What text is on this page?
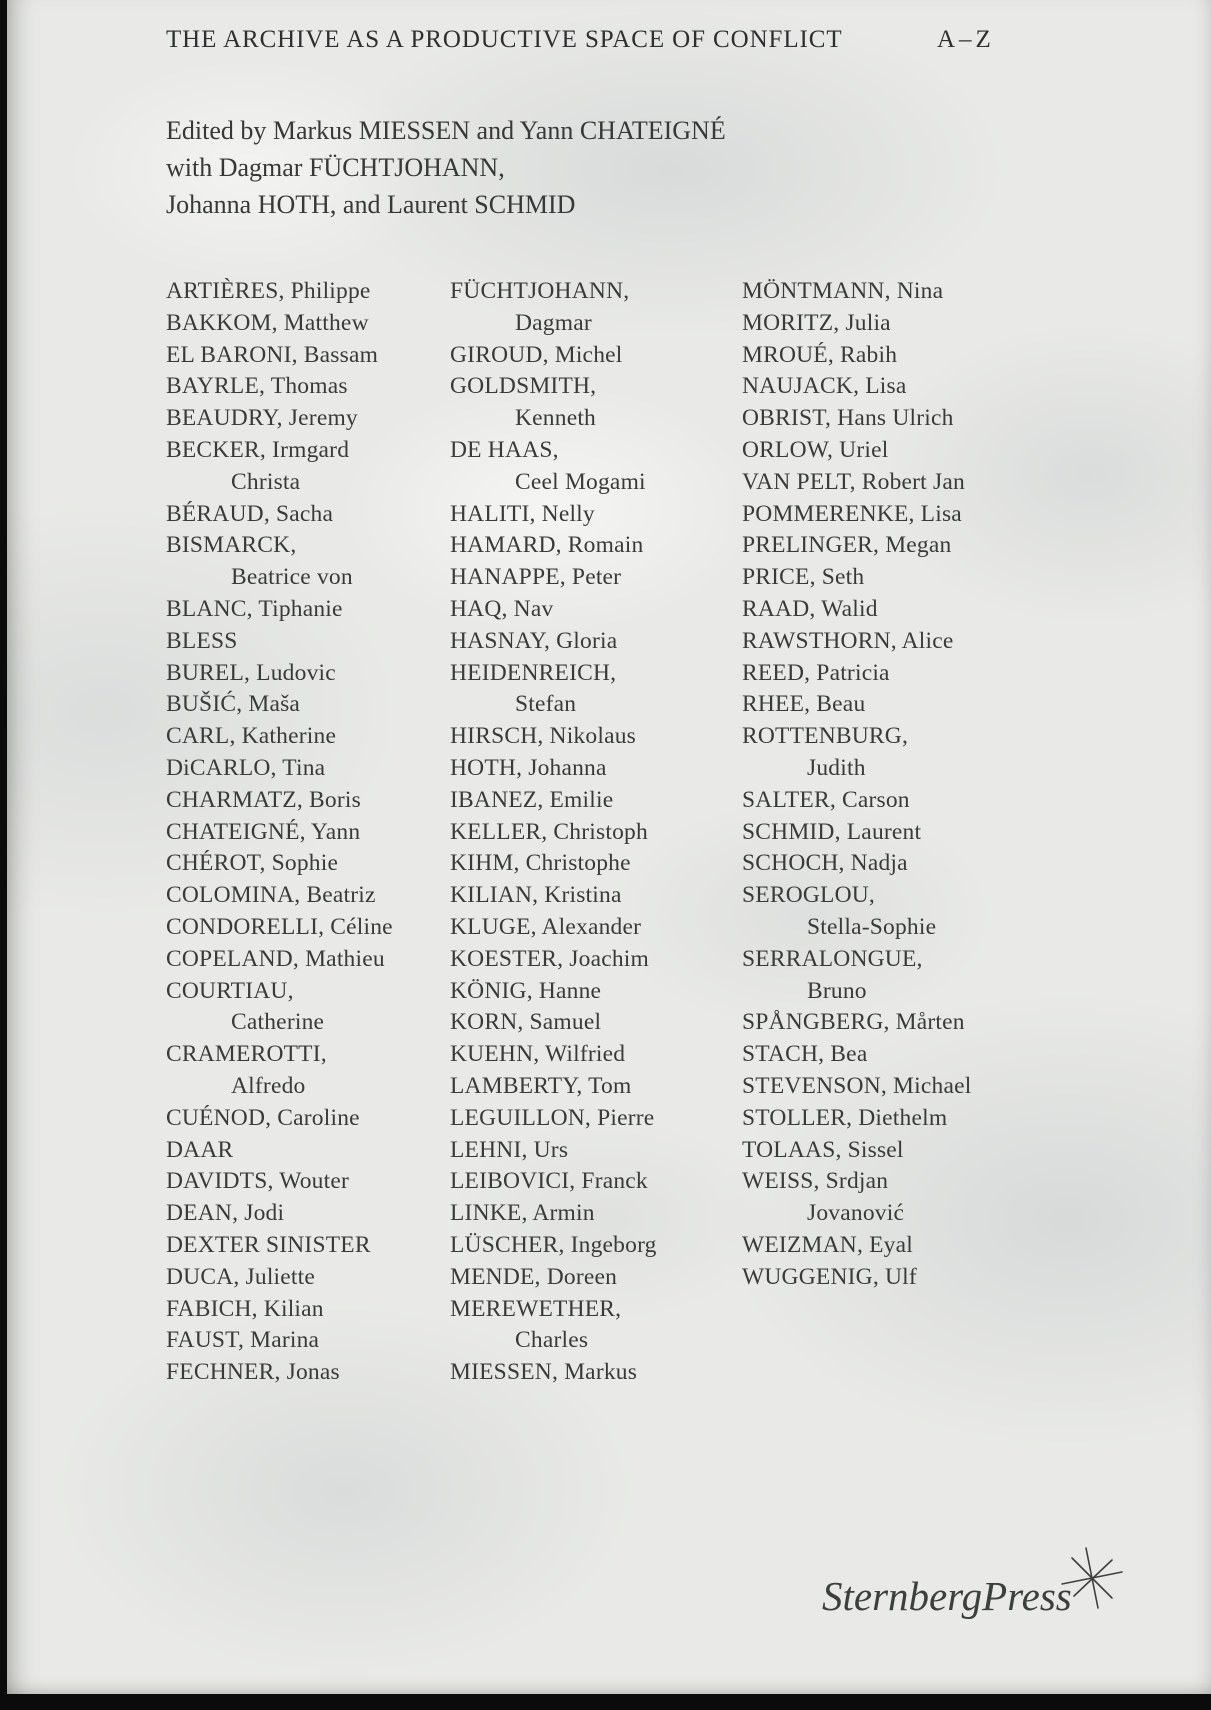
THE ARCHIVE AS A PRODUCTIVE SPACE OF CONFLICT	A–Z
Edited by Markus MIESSEN and Yann CHATEIGNÉ
with Dagmar FÜCHTJOHANN,
Johanna HOTH, and Laurent SCHMID
ARTIÈRES, Philippe
BAKKOM, Matthew
EL BARONI, Bassam
BAYRLE, Thomas
BEAUDRY, Jeremy
BECKER, Irmgard
Christa
BÉRAUD, Sacha
BISMARCK,
Beatrice von
BLANC, Tiphanie
BLESS
BUREL, Ludovic
BUŠIĆ, Maša
CARL, Katherine
DiCARLO, Tina
CHARMATZ, Boris
CHATEIGNÉ, Yann
CHÉROT, Sophie
COLOMINA, Beatriz
CONDORELLI, Céline
COPELAND, Mathieu
COURTIAU,
Catherine
CRAMEROTTI,
Alfredo
CUÉNOD, Caroline
DAAR
DAVIDTS, Wouter
DEAN, Jodi
DEXTER SINISTER
DUCA, Juliette
FABICH, Kilian
FAUST, Marina
FECHNER, Jonas
FÜCHTJOHANN,
Dagmar
GIROUD, Michel
GOLDSMITH,
Kenneth
DE HAAS,
Ceel Mogami
HALITI, Nelly
HAMARD, Romain
HANAPPE, Peter
HAQ, Nav
HASNAY, Gloria
HEIDENREICH,
Stefan
HIRSCH, Nikolaus
HOTH, Johanna
IBANEZ, Emilie
KELLER, Christoph
KIHM, Christophe
KILIAN, Kristina
KLUGE, Alexander
KOESTER, Joachim
KÖNIG, Hanne
KORN, Samuel
KUEHN, Wilfried
LAMBERTY, Tom
LEGUILLON, Pierre
LEHNI, Urs
LEIBOVICI, Franck
LINKE, Armin
LÜSCHER, Ingeborg
MENDE, Doreen
MEREWETHER,
Charles
MIESSEN, Markus
MÖNTMANN, Nina
MORITZ, Julia
MROUÉ, Rabih
NAUJACK, Lisa
OBRIST, Hans Ulrich
ORLOW, Uriel
VAN PELT, Robert Jan
POMMERENKE, Lisa
PRELINGER, Megan
PRICE, Seth
RAAD, Walid
RAWSTHORN, Alice
REED, Patricia
RHEE, Beau
ROTTENBURG,
Judith
SALTER, Carson
SCHMID, Laurent
SCHOCH, Nadja
SEROGLOU,
Stella-Sophie
SERRALONGUE,
Bruno
SPÅNGBERG, Mårten
STACH, Bea
STEVENSON, Michael
STOLLER, Diethelm
TOLAAS, Sissel
WEISS, Srdjan
Jovanović
WEIZMAN, Eyal
WUGGENIG, Ulf
SternbergPress
